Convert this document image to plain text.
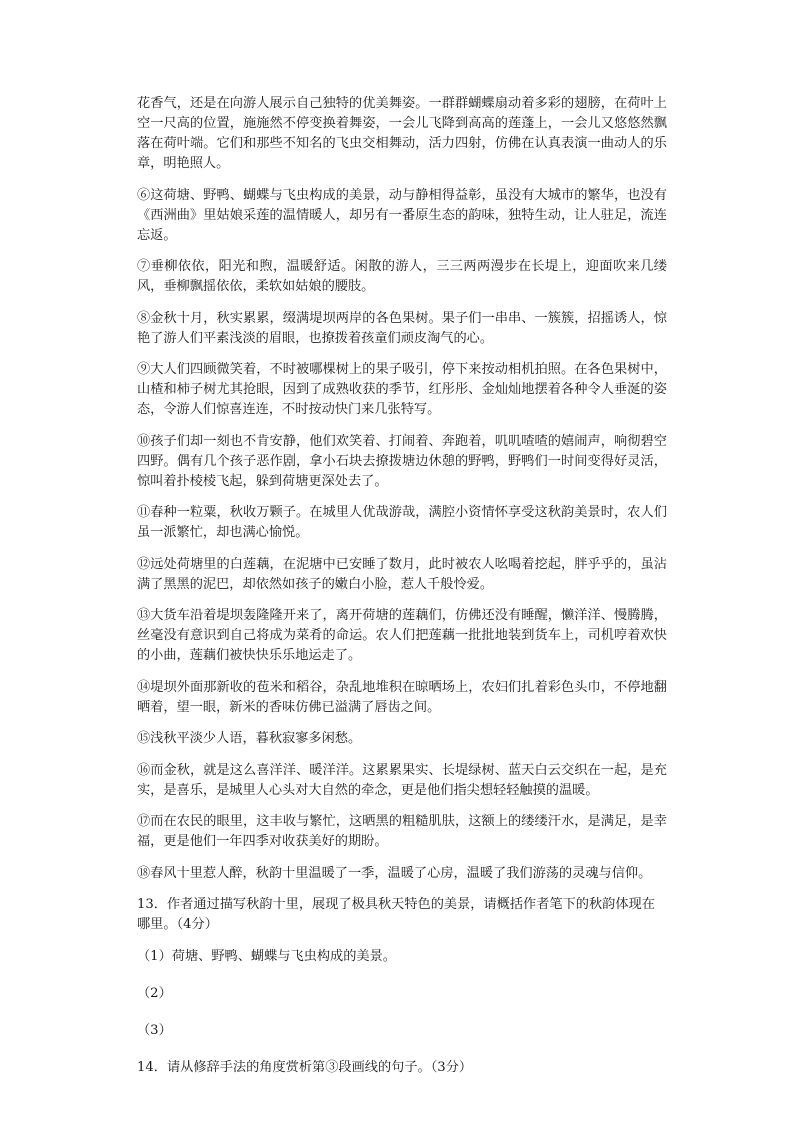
花香气，还是在向游人展示自己独特的优美舞姿。一群群蝴蝶扇动着多彩的翅膀，在荷叶上空一尺高的位置，施施然不停变换着舞姿，一会儿飞降到高高的莲蓬上，一会儿又悠悠然飘落在荷叶端。它们和那些不知名的飞虫交相舞动，活力四射，仿佛在认真表演一曲动人的乐章，明艳照人。

⑥这荷塘、野鸭、蝴蝶与飞虫构成的美景，动与静相得益彰，虽没有大城市的繁华，也没有《西洲曲》里姑娘采莲的温情暖人，却另有一番原生态的韵味，独特生动，让人驻足，流连忘返。

⑦垂柳依依，阳光和煦，温暖舒适。闲散的游人，三三两两漫步在长堤上，迎面吹来几缕风，垂柳飘摇依依，柔软如姑娘的腰肢。

⑧金秋十月，秋实累累，缀满堤坝两岸的各色果树。果子们一串串、一簇簇，招摇诱人，惊艳了游人们平素浅淡的眉眼，也撩拨着孩童们顽皮淘气的心。

⑨大人们四顾微笑着，不时被哪棵树上的果子吸引，停下来按动相机拍照。在各色果树中，山楂和柿子树尤其抢眼，因到了成熟收获的季节，红彤彤、金灿灿地摆着各种令人垂涎的姿态，令游人们惊喜连连，不时按动快门来几张特写。

⑩孩子们却一刻也不肯安静，他们欢笑着、打闹着、奔跑着，叽叽喳喳的嬉闹声，响彻碧空四野。偶有几个孩子恶作剧，拿小石块去撩拨塘边休憩的野鸭，野鸭们一时间变得好灵活，惊叫着扑棱棱飞起，躲到荷塘更深处去了。

⑪春种一粒粟，秋收万颗子。在城里人优哉游哉，满腔小资情怀享受这秋韵美景时，农人们虽一派繁忙，却也满心愉悦。

⑫远处荷塘里的白莲藕，在泥塘中已安睡了数月，此时被农人吆喝着挖起，胖乎乎的，虽沾满了黑黑的泥巴，却依然如孩子的嫩白小脸，惹人千般怜爱。

⑬大货车沿着堤坝轰隆隆开来了，离开荷塘的莲藕们，仿佛还没有睡醒，懒洋洋、慢腾腾，丝毫没有意识到自己将成为菜肴的命运。农人们把莲藕一批批地装到货车上，司机哼着欢快的小曲，莲藕们被快快乐乐地运走了。

⑭堤坝外面那新收的苞米和稻谷，杂乱地堆积在晾晒场上，农妇们扎着彩色头巾，不停地翻晒着，望一眼，新米的香味仿佛已溢满了唇齿之间。

⑮浅秋平淡少人语，暮秋寂寥多闲愁。

⑯而金秋，就是这么喜洋洋、暖洋洋。这累累果实、长堤绿树、蓝天白云交织在一起，是充实，是喜乐，是城里人心头对大自然的牵念，更是他们指尖想轻轻触摸的温暖。

⑰而在农民的眼里，这丰收与繁忙，这晒黑的粗糙肌肤，这额上的缕缕汗水，是满足，是幸福，更是他们一年四季对收获美好的期盼。

⑱春风十里惹人醉，秋韵十里温暖了一季，温暖了心房，温暖了我们游荡的灵魂与信仰。

13．作者通过描写秋韵十里，展现了极具秋天特色的美景，请概括作者笔下的秋韵体现在哪里。（4分）

（1）荷塘、野鸭、蝴蝶与飞虫构成的美景。

（2）

（3）

14．请从修辞手法的角度赏析第③段画线的句子。（3分）
